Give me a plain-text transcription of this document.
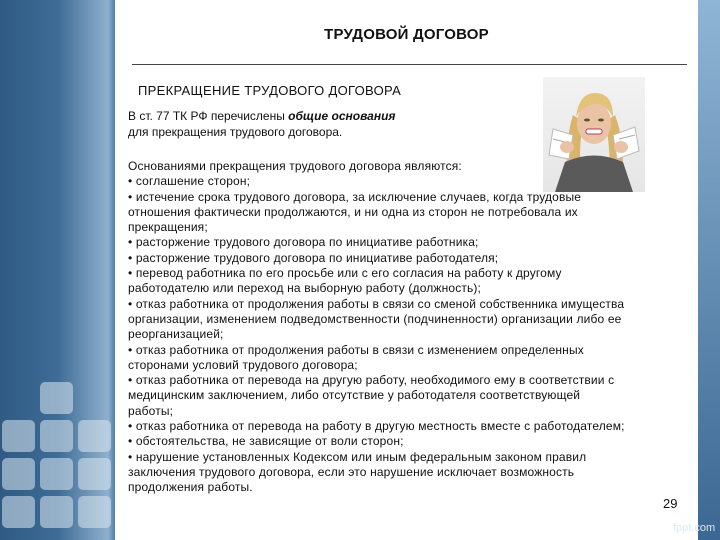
ТРУДОВОЙ ДОГОВОР
ПРЕКРАЩЕНИЕ ТРУДОВОГО ДОГОВОРА
В ст. 77 ТК РФ перечислены общие основания
для прекращения трудового договора.
Основаниями прекращения трудового договора являются:
• соглашение сторон;
• истечение срока трудового договора, за исключение случаев, когда трудовые
отношения фактически продолжаются, и ни одна из сторон не потребовала их
прекращения;
• расторжение трудового договора по инициативе работника;
• расторжение трудового договора по инициативе работодателя;
• перевод работника по его просьбе или с его согласия на работу к другому
работодателю или переход на выборную работу (должность);
• отказ работника от продолжения работы в связи со сменой собственника имущества
организации, изменением подведомственности (подчиненности) организации либо ее
реорганизацией;
• отказ работника от продолжения работы в связи с изменением определенных
сторонами условий трудового договора;
• отказ работника от перевода на другую работу, необходимого ему в соответствии с
медицинским заключением, либо отсутствие у работодателя соответствующей
работы;
• отказ работника от перевода на работу в другую местность вместе с работодателем;
• обстоятельства, не зависящие от воли сторон;
• нарушение установленных Кодексом или иным федеральным законом правил
заключения трудового договора, если это нарушение исключает возможность
продолжения работы.
29
fppt.com
